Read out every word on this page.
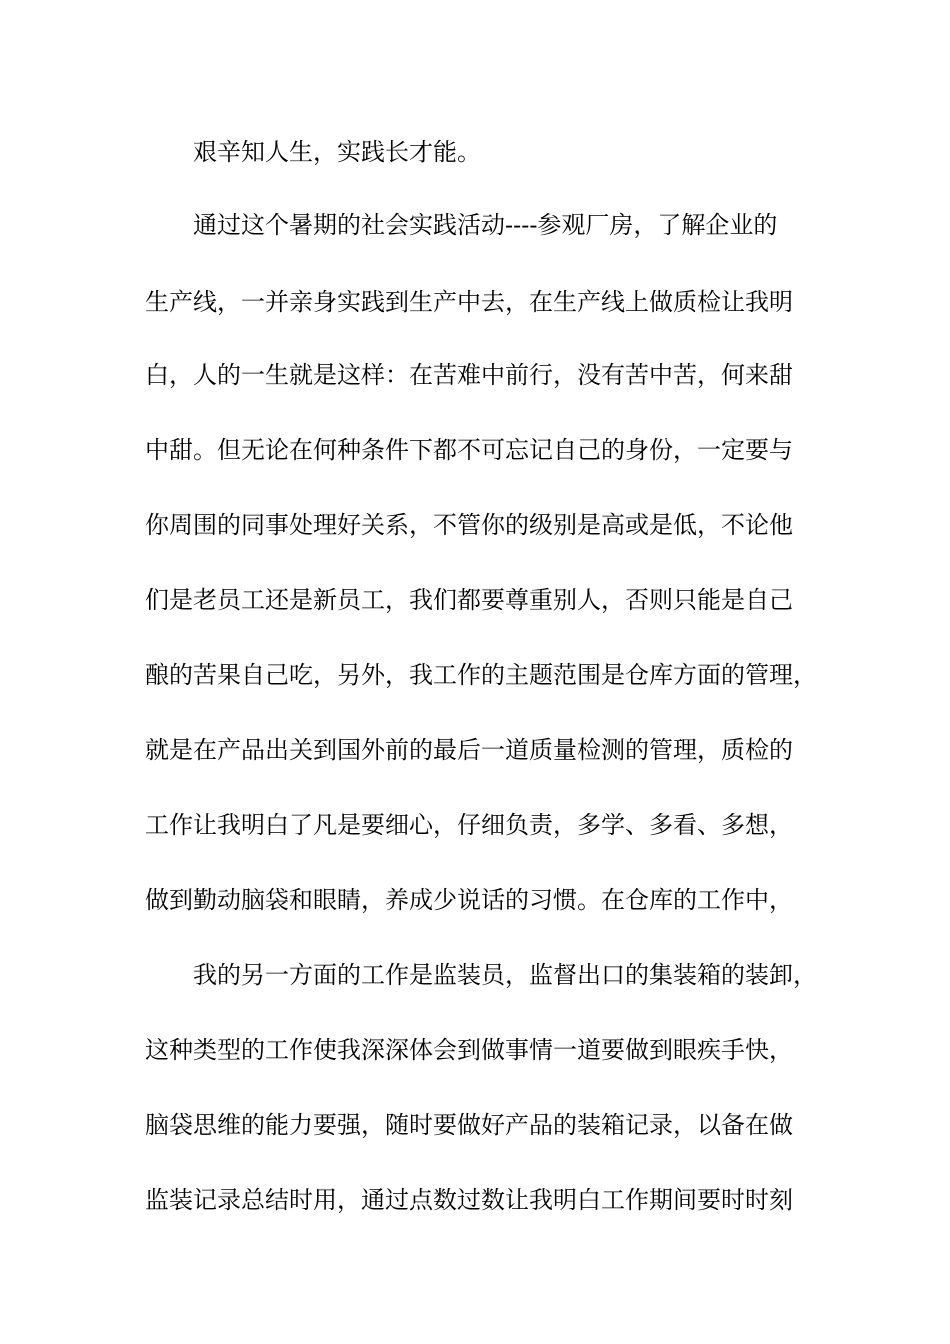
艰辛知人生，实践长才能。
通过这个暑期的社会实践活动----参观厂房，了解企业的
生产线，一并亲身实践到生产中去，在生产线上做质检让我明
白，人的一生就是这样：在苦难中前行，没有苦中苦，何来甜
中甜。但无论在何种条件下都不可忘记自己的身份，一定要与
你周围的同事处理好关系，不管你的级别是高或是低，不论他
们是老员工还是新员工，我们都要尊重别人，否则只能是自己
酿的苦果自己吃，另外，我工作的主题范围是仓库方面的管理，
就是在产品出关到国外前的最后一道质量检测的管理，质检的
工作让我明白了凡是要细心，仔细负责，多学、多看、多想，
做到勤动脑袋和眼睛，养成少说话的习惯。在仓库的工作中，
我的另一方面的工作是监装员，监督出口的集装箱的装卸，
这种类型的工作使我深深体会到做事情一道要做到眼疾手快，
脑袋思维的能力要强，随时要做好产品的装箱记录，以备在做
监装记录总结时用，通过点数过数让我明白工作期间要时时刻
